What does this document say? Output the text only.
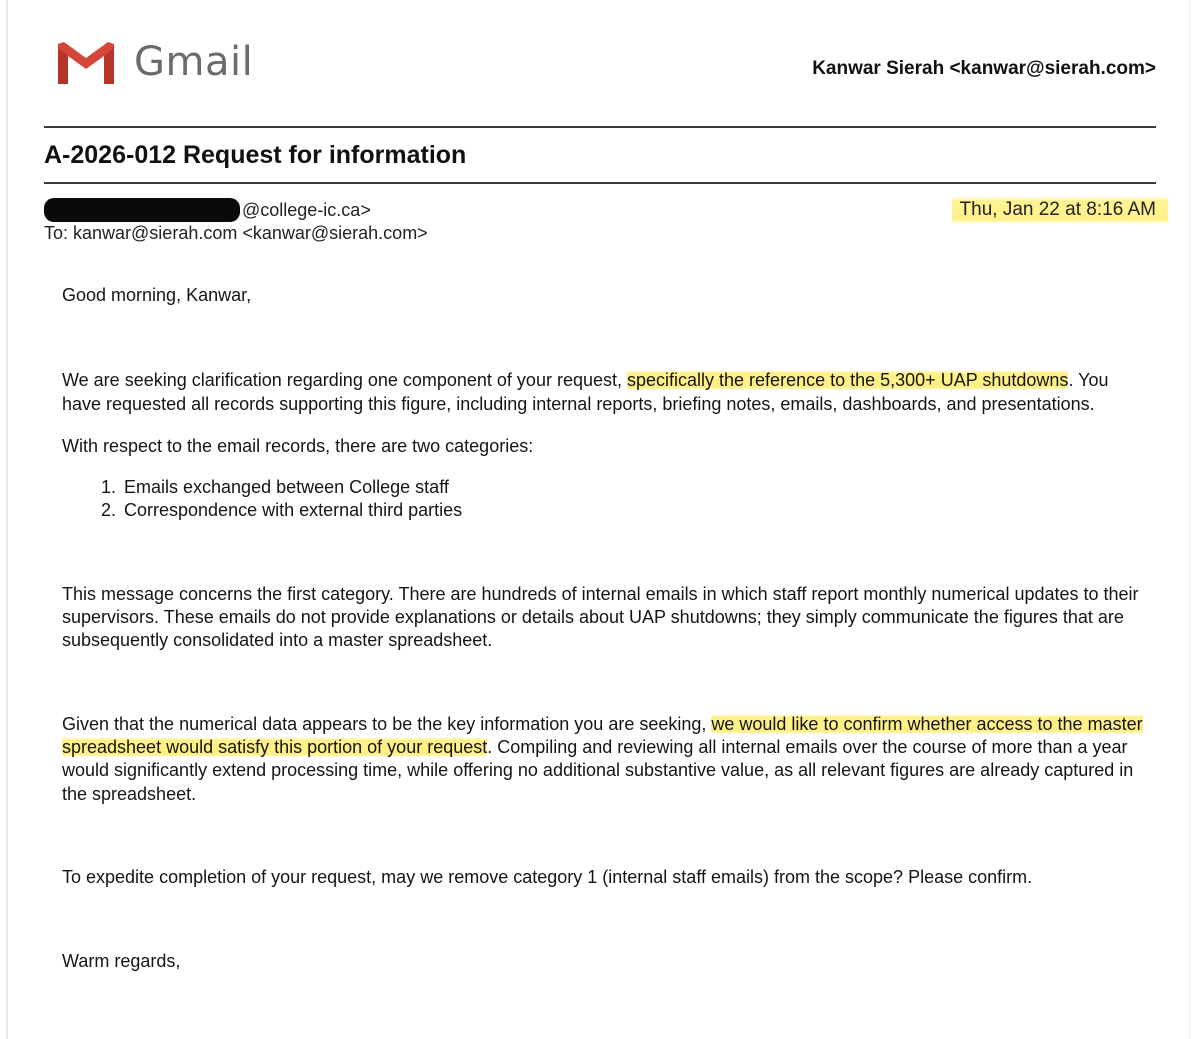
Gmail	Kanwar Sierah <kanwar@sierah.com>
A-2026-012 Request for information
@college-ic.ca>
To: kanwar@sierah.com <kanwar@sierah.com>
Thu, Jan 22 at 8:16 AM

Good morning, Kanwar,

We are seeking clarification regarding one component of your request, specifically the reference to the 5,300+ UAP shutdowns. You have requested all records supporting this figure, including internal reports, briefing notes, emails, dashboards, and presentations.

With respect to the email records, there are two categories:

1. Emails exchanged between College staff
2. Correspondence with external third parties

This message concerns the first category. There are hundreds of internal emails in which staff report monthly numerical updates to their supervisors. These emails do not provide explanations or details about UAP shutdowns; they simply communicate the figures that are subsequently consolidated into a master spreadsheet.

Given that the numerical data appears to be the key information you are seeking, we would like to confirm whether access to the master spreadsheet would satisfy this portion of your request. Compiling and reviewing all internal emails over the course of more than a year would significantly extend processing time, while offering no additional substantive value, as all relevant figures are already captured in the spreadsheet.

To expedite completion of your request, may we remove category 1 (internal staff emails) from the scope? Please confirm.

Warm regards,
